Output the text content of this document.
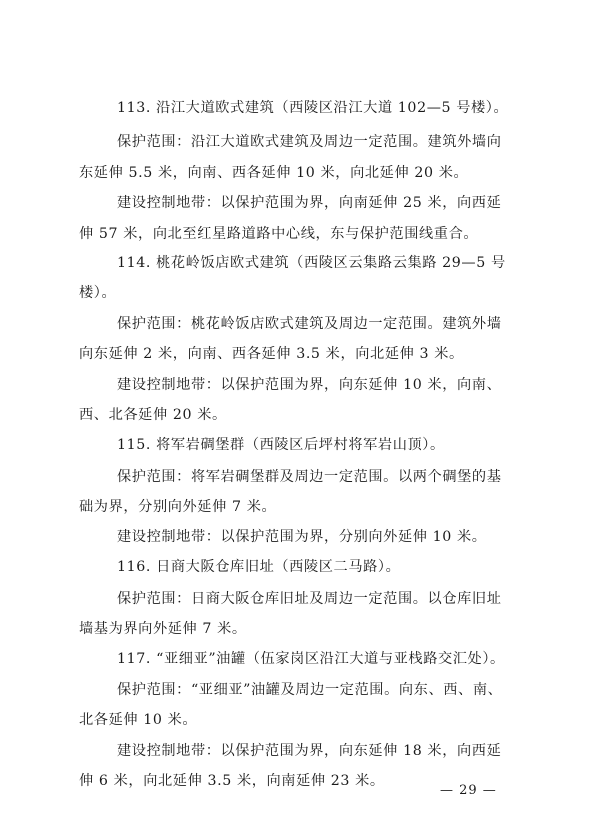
113. 沿江大道欧式建筑（西陵区沿江大道 102—5 号楼）。
保护范围：沿江大道欧式建筑及周边一定范围。建筑外墙向
东延伸 5.5 米，向南、西各延伸 10 米，向北延伸 20 米。
建设控制地带：以保护范围为界，向南延伸 25 米，向西延
伸 57 米，向北至红星路道路中心线，东与保护范围线重合。
114. 桃花岭饭店欧式建筑（西陵区云集路云集路 29—5 号
楼）。
保护范围：桃花岭饭店欧式建筑及周边一定范围。建筑外墙
向东延伸 2 米，向南、西各延伸 3.5 米，向北延伸 3 米。
建设控制地带：以保护范围为界，向东延伸 10 米，向南、
西、北各延伸 20 米。
115. 将军岩碉堡群（西陵区后坪村将军岩山顶）。
保护范围：将军岩碉堡群及周边一定范围。以两个碉堡的基
础为界，分别向外延伸 7 米。
建设控制地带：以保护范围为界，分别向外延伸 10 米。
116. 日商大阪仓库旧址（西陵区二马路）。
保护范围：日商大阪仓库旧址及周边一定范围。以仓库旧址
墙基为界向外延伸 7 米。
117. “亚细亚”油罐（伍家岗区沿江大道与亚栈路交汇处）。
保护范围：“亚细亚”油罐及周边一定范围。向东、西、南、
北各延伸 10 米。
建设控制地带：以保护范围为界，向东延伸 18 米，向西延
伸 6 米，向北延伸 3.5 米，向南延伸 23 米。
— 29 —
